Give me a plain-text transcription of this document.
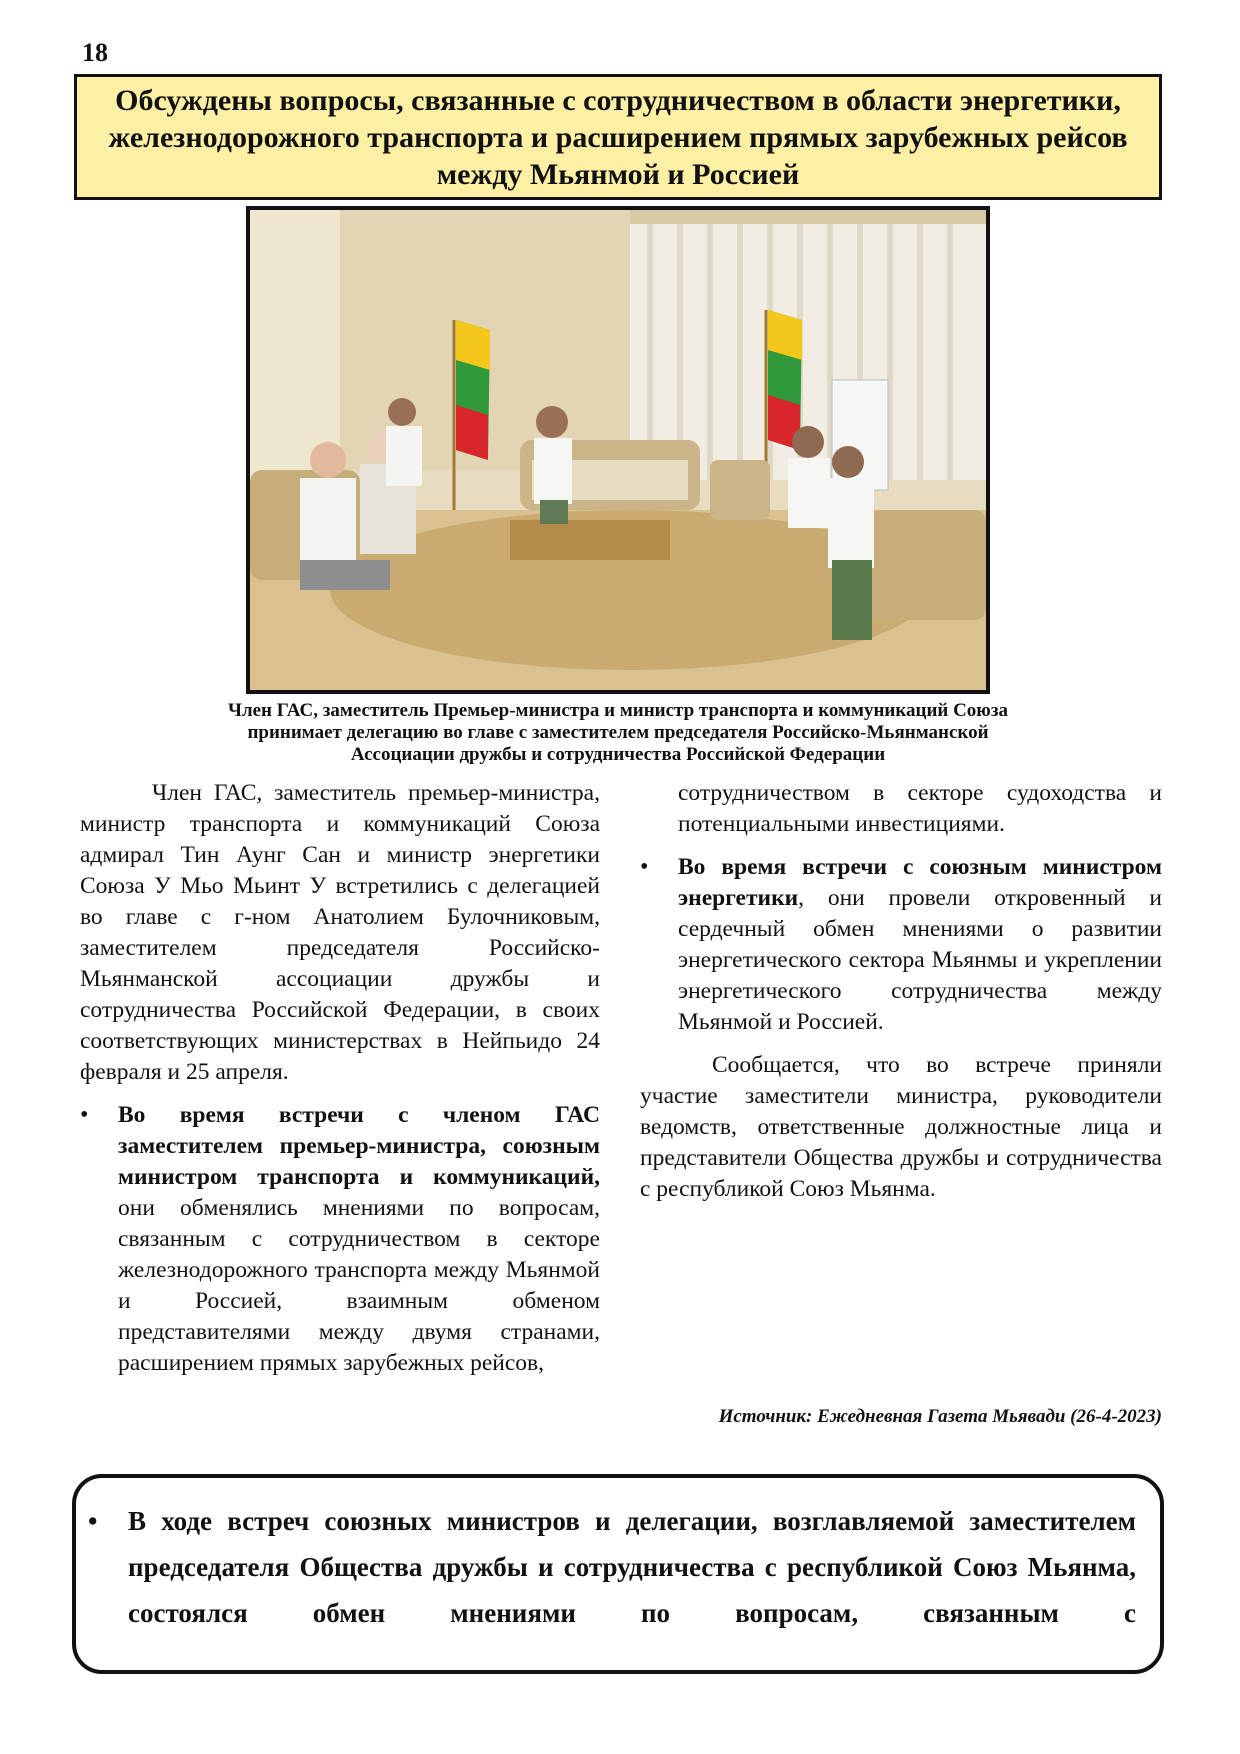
18
Обсуждены вопросы, связанные с сотрудничеством в области энергетики, железнодорожного транспорта и расширением прямых зарубежных рейсов между Мьянмой и Россией
Член ГАС, заместитель Премьер-министра и министр транспорта и коммуникаций Союза принимает делегацию во главе с заместителем председателя Российско-Мьянманской Ассоциации дружбы и сотрудничества Российской Федерации

Член ГАС, заместитель премьер-министра, министр транспорта и коммуникаций Союза адмирал Тин Аунг Сан и министр энергетики Союза У Мьо Мьинт У встретились с делегацией во главе с г-ном Анатолием Булочниковым, заместителем председателя Российско-Мьянманской ассоциации дружбы и сотрудничества Российской Федерации, в своих соответствующих министерствах в Нейпьидо 24 февраля и 25 апреля.

• Во время встречи с членом ГАС заместителем премьер-министра, союзным министром транспорта и коммуникаций, они обменялись мнениями по вопросам, связанным с сотрудничеством в секторе железнодорожного транспорта между Мьянмой и Россией, взаимным обменом представителями между двумя странами, расширением прямых зарубежных рейсов,

сотрудничеством в секторе судоходства и потенциальными инвестициями.

• Во время встречи с союзным министром энергетики, они провели откровенный и сердечный обмен мнениями о развитии энергетического сектора Мьянмы и укреплении энергетического сотрудничества между Мьянмой и Россией.

Сообщается, что во встрече приняли участие заместители министра, руководители ведомств, ответственные должностные лица и представители Общества дружбы и сотрудничества с республикой Союз Мьянма.

Источник: Ежедневная Газета Мьявади (26-4-2023)

• В ходе встреч союзных министров и делегации, возглавляемой заместителем председателя Общества дружбы и сотрудничества с республикой Союз Мьянма, состоялся обмен мнениями по вопросам, связанным с
